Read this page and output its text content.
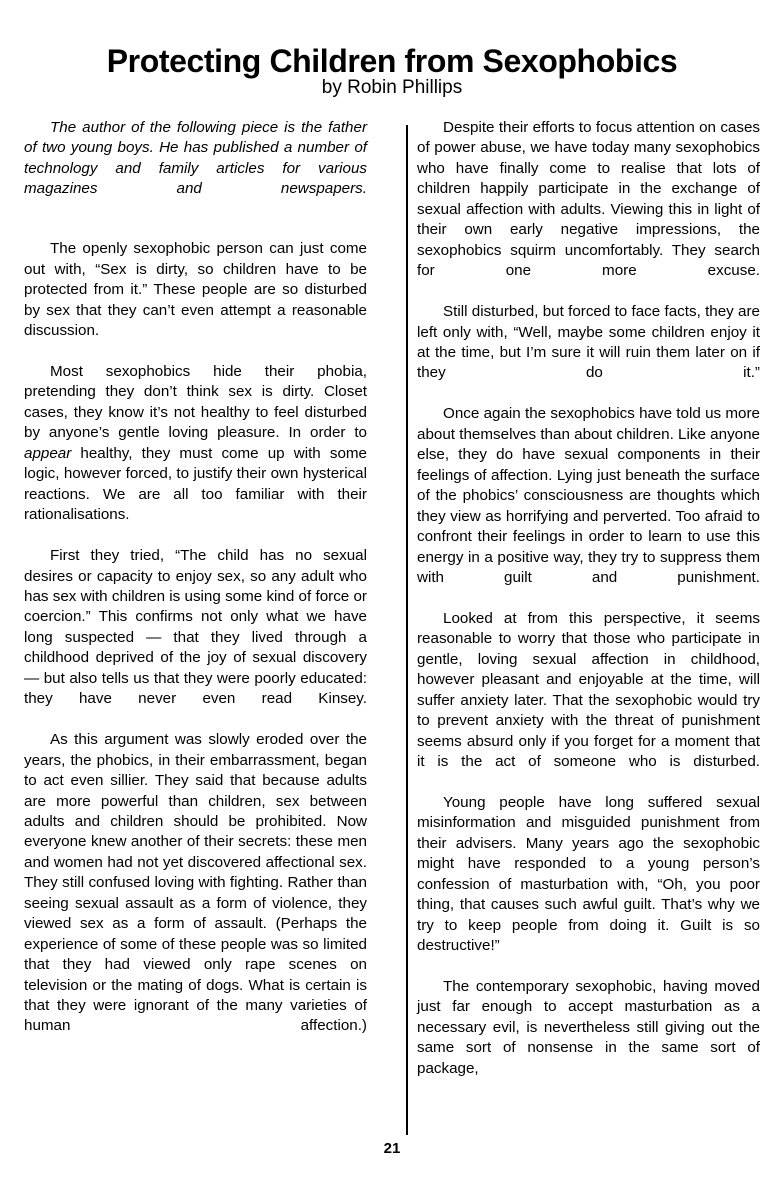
Protecting Children from Sexophobics
by Robin Phillips

The author of the following piece is the father of two young boys. He has published a number of technology and family articles for various magazines and newspapers.

The openly sexophobic person can just come out with, “Sex is dirty, so children have to be protected from it.” These people are so disturbed by sex that they can’t even attempt a reasonable discussion.

Most sexophobics hide their phobia, pretending they don’t think sex is dirty. Closet cases, they know it’s not healthy to feel disturbed by anyone’s gentle loving pleasure. In order to appear healthy, they must come up with some logic, however forced, to justify their own hysterical reactions. We are all too familiar with their rationalisations.

First they tried, “The child has no sexual desires or capacity to enjoy sex, so any adult who has sex with children is using some kind of force or coercion.” This confirms not only what we have long suspected — that they lived through a childhood deprived of the joy of sexual discovery — but also tells us that they were poorly educated: they have never even read Kinsey.

As this argument was slowly eroded over the years, the phobics, in their embarrassment, began to act even sillier. They said that because adults are more powerful than children, sex between adults and children should be prohibited. Now everyone knew another of their secrets: these men and women had not yet discovered affectional sex. They still confused loving with fighting. Rather than seeing sexual assault as a form of violence, they viewed sex as a form of assault. (Perhaps the experience of some of these people was so limited that they had viewed only rape scenes on television or the mating of dogs. What is certain is that they were ignorant of the many varieties of human affection.)

Despite their efforts to focus attention on cases of power abuse, we have today many sexophobics who have finally come to realise that lots of children happily participate in the exchange of sexual affection with adults. Viewing this in light of their own early negative impressions, the sexophobics squirm uncomfortably. They search for one more excuse.

Still disturbed, but forced to face facts, they are left only with, “Well, maybe some children enjoy it at the time, but I’m sure it will ruin them later on if they do it.”

Once again the sexophobics have told us more about themselves than about children. Like anyone else, they do have sexual components in their feelings of affection. Lying just beneath the surface of the phobics’ consciousness are thoughts which they view as horrifying and perverted. Too afraid to confront their feelings in order to learn to use this energy in a positive way, they try to suppress them with guilt and punishment.

Looked at from this perspective, it seems reasonable to worry that those who participate in gentle, loving sexual affection in childhood, however pleasant and enjoyable at the time, will suffer anxiety later. That the sexophobic would try to prevent anxiety with the threat of punishment seems absurd only if you forget for a moment that it is the act of someone who is disturbed.

Young people have long suffered sexual misinformation and misguided punishment from their advisers. Many years ago the sexophobic might have responded to a young person’s confession of masturbation with, “Oh, you poor thing, that causes such awful guilt. That’s why we try to keep people from doing it. Guilt is so destructive!”

The contemporary sexophobic, having moved just far enough to accept masturbation as a necessary evil, is nevertheless still giving out the same sort of nonsense in the same sort of package,

21
